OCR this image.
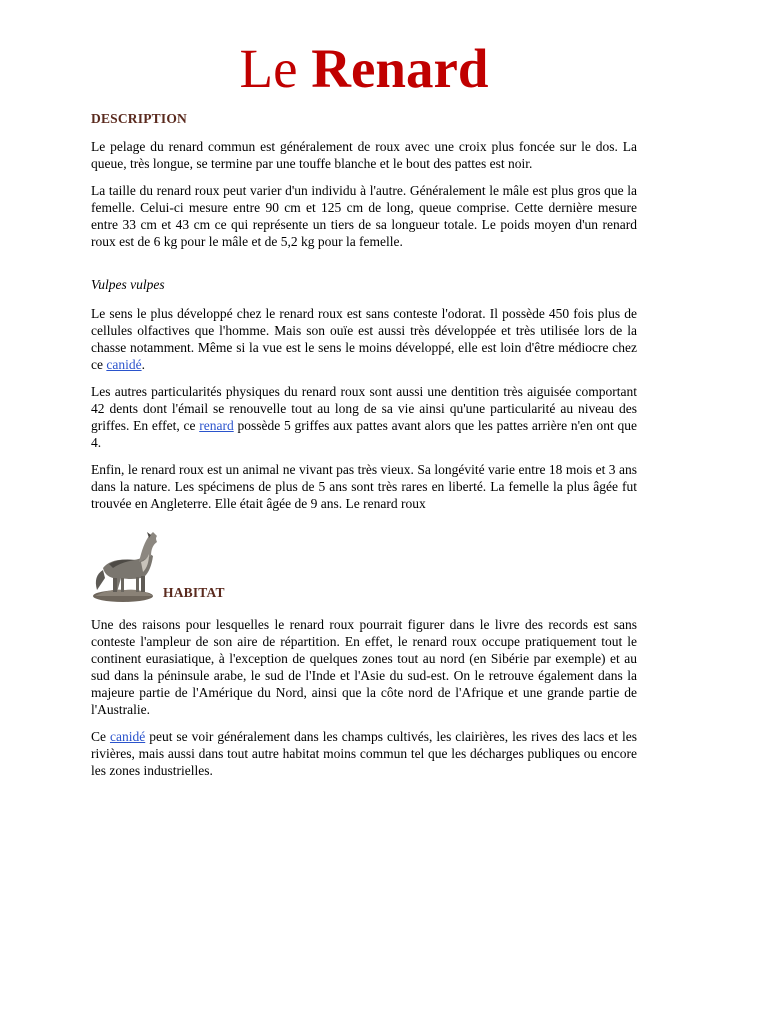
Le Renard
DESCRIPTION

Le pelage du renard commun est généralement de roux avec une croix plus foncée sur le dos. La queue, très longue, se termine par une touffe blanche et le bout des pattes est noir.

La taille du renard roux peut varier d'un individu à l'autre. Généralement le mâle est plus gros que la femelle. Celui-ci mesure entre 90 cm et 125 cm de long, queue comprise. Cette dernière mesure entre 33 cm et 43 cm ce qui représente un tiers de sa longueur totale. Le poids moyen d'un renard roux est de 6 kg pour le mâle et de 5,2 kg pour la femelle.

Vulpes vulpes

Le sens le plus développé chez le renard roux est sans conteste l'odorat. Il possède 450 fois plus de cellules olfactives que l'homme. Mais son ouïe est aussi très développée et très utilisée lors de la chasse notamment. Même si la vue est le sens le moins développé, elle est loin d'être médiocre chez ce canidé.

Les autres particularités physiques du renard roux sont aussi une dentition très aiguisée comportant 42 dents dont l'émail se renouvelle tout au long de sa vie ainsi qu'une particularité au niveau des griffes. En effet, ce renard possède 5 griffes aux pattes avant alors que les pattes arrière n'en ont que 4.

Enfin, le renard roux est un animal ne vivant pas très vieux. Sa longévité varie entre 18 mois et 3 ans dans la nature. Les spécimens de plus de 5 ans sont très rares en liberté. La femelle la plus âgée fut trouvée en Angleterre. Elle était âgée de 9 ans. Le renard roux

HABITAT

Une des raisons pour lesquelles le renard roux pourrait figurer dans le livre des records est sans conteste l'ampleur de son aire de répartition. En effet, le renard roux occupe pratiquement tout le continent eurasiatique, à l'exception de quelques zones tout au nord (en Sibérie par exemple) et au sud dans la péninsule arabe, le sud de l'Inde et l'Asie du sud-est. On le retrouve également dans la majeure partie de l'Amérique du Nord, ainsi que la côte nord de l'Afrique et une grande partie de l'Australie.

Ce canidé peut se voir généralement dans les champs cultivés, les clairières, les rives des lacs et les rivières, mais aussi dans tout autre habitat moins commun tel que les décharges publiques ou encore les zones industrielles.
